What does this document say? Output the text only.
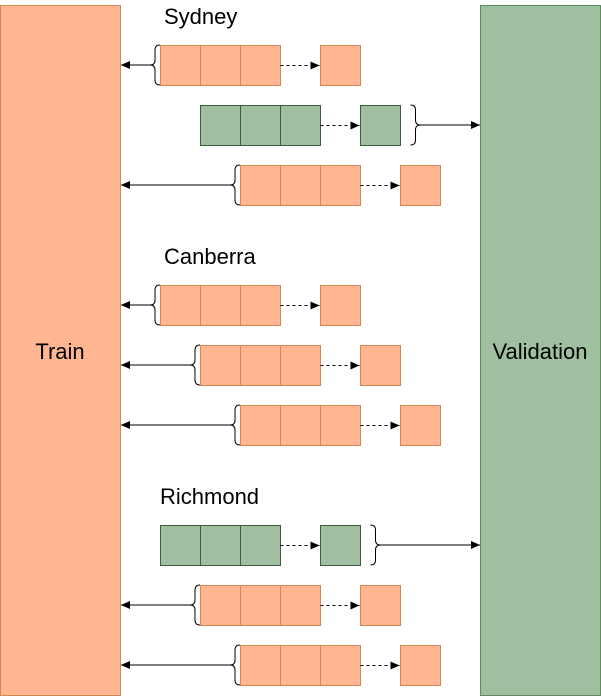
Train	Validation
Sydney
Canberra
Richmond
